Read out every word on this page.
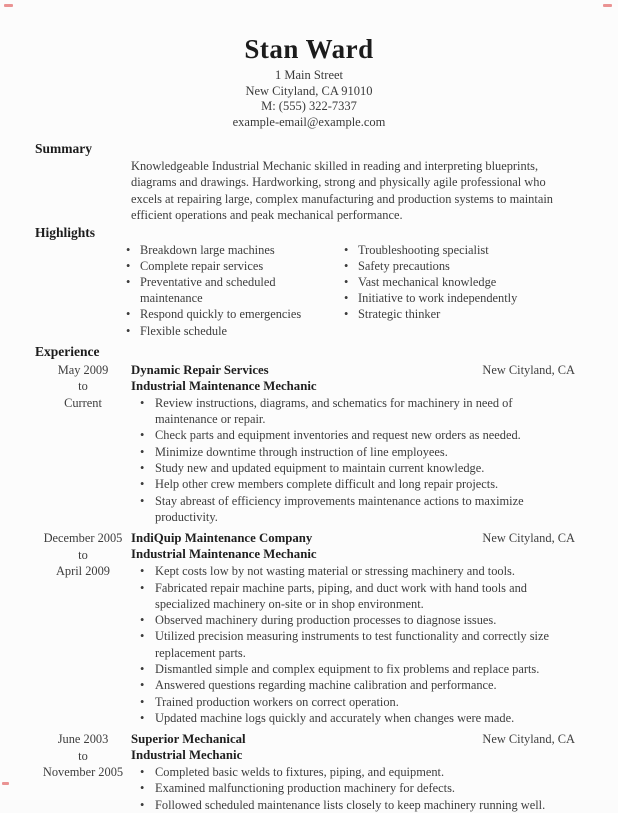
Stan Ward
1 Main Street
New Cityland, CA 91010
M: (555) 322-7337
example-email@example.com
Summary
Knowledgeable Industrial Mechanic skilled in reading and interpreting blueprints, diagrams and drawings. Hardworking, strong and physically agile professional who excels at repairing large, complex manufacturing and production systems to maintain efficient operations and peak mechanical performance.
Highlights
• Breakdown large machines
• Complete repair services
• Preventative and scheduled maintenance
• Respond quickly to emergencies
• Flexible schedule
• Troubleshooting specialist
• Safety precautions
• Vast mechanical knowledge
• Initiative to work independently
• Strategic thinker
Experience
May 2009
to
Current
Dynamic Repair Services	New Cityland, CA
Industrial Maintenance Mechanic
• Review instructions, diagrams, and schematics for machinery in need of maintenance or repair.
• Check parts and equipment inventories and request new orders as needed.
• Minimize downtime through instruction of line employees.
• Study new and updated equipment to maintain current knowledge.
• Help other crew members complete difficult and long repair projects.
• Stay abreast of efficiency improvements maintenance actions to maximize productivity.
December 2005
to
April 2009
IndiQuip Maintenance Company	New Cityland, CA
Industrial Maintenance Mechanic
• Kept costs low by not wasting material or stressing machinery and tools.
• Fabricated repair machine parts, piping, and duct work with hand tools and specialized machinery on-site or in shop environment.
• Observed machinery during production processes to diagnose issues.
• Utilized precision measuring instruments to test functionality and correctly size replacement parts.
• Dismantled simple and complex equipment to fix problems and replace parts.
• Answered questions regarding machine calibration and performance.
• Trained production workers on correct operation.
• Updated machine logs quickly and accurately when changes were made.
June 2003
to
November 2005
Superior Mechanical	New Cityland, CA
Industrial Mechanic
• Completed basic welds to fixtures, piping, and equipment.
• Examined malfunctioning production machinery for defects.
• Followed scheduled maintenance lists closely to keep machinery running well.
